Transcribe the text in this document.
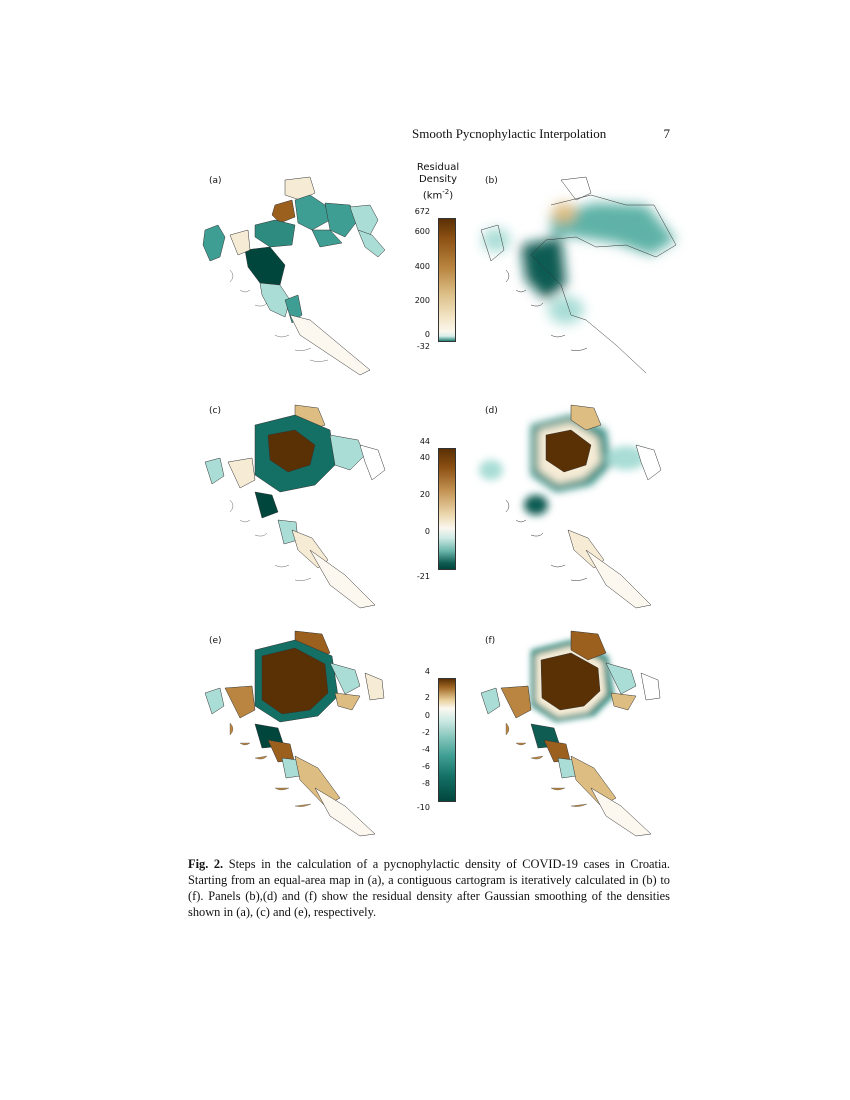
Smooth Pycnophylactic Interpolation	7
(a)	(b)
(c)	(d)
(e)	(f)
Residual
Density
$(km^{-2})$
672
600
400
200
0
-32
44
40
20
0
-21
4
2
0
-2
-4
-6
-8
-10
Fig. 2. Steps in the calculation of a pycnophylactic density of COVID-19 cases in Croatia. Starting from an equal-area map in (a), a contiguous cartogram is iteratively calculated in (b) to (f). Panels (b),(d) and (f) show the residual density after Gaussian smoothing of the densities shown in (a), (c) and (e), respectively.
